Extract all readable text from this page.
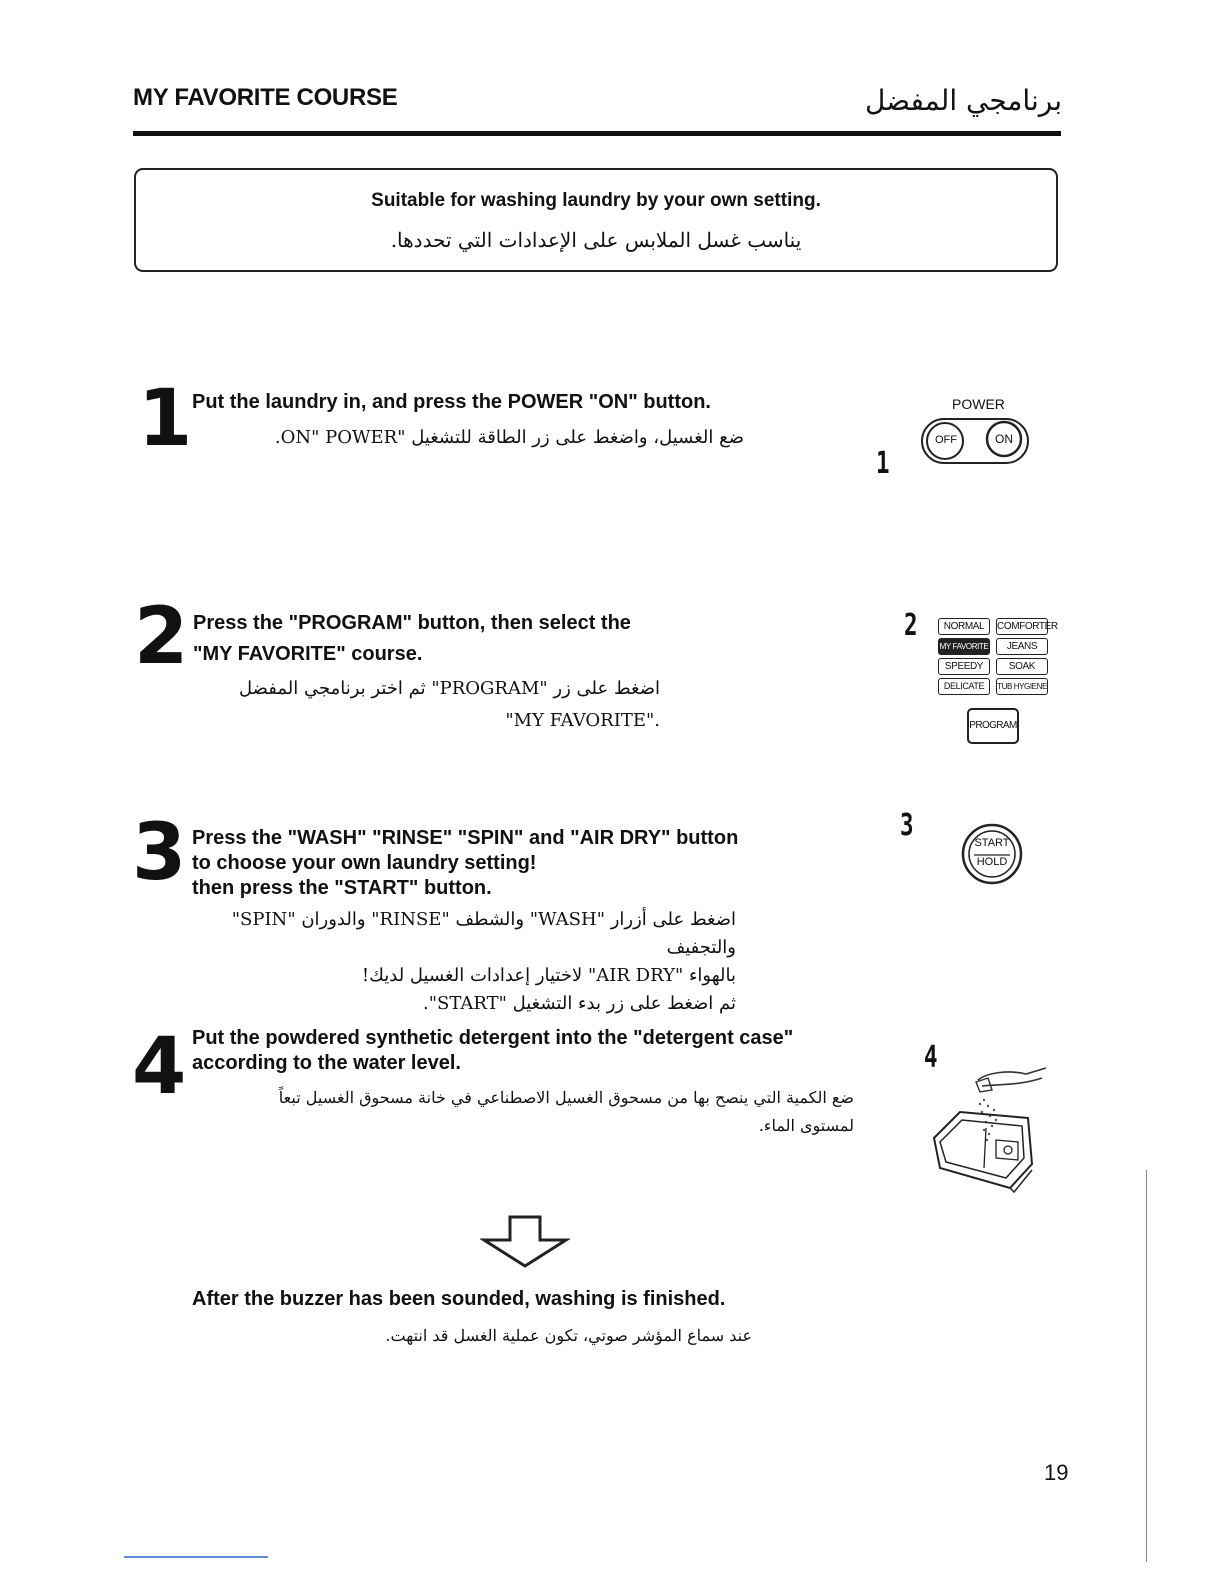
MY FAVORITE COURSE	برنامجي المفضل
Suitable for washing laundry by your own setting.
يناسب غسل الملابس على الإعدادات التي تحددها.
1 Put the laundry in, and press the POWER "ON" button.
ضع الغسيل، واضغط على زر الطاقة للتشغيل "ON" POWER.
2 Press the "PROGRAM" button, then select the
"MY FAVORITE" course.
اضغط على زر "PROGRAM" ثم اختر برنامجي المفضل
."MY FAVORITE"
3 Press the "WASH" "RINSE" "SPIN" and "AIR DRY" button
to choose your own laundry setting!
then press the "START" button.
اضغط على أزرار "WASH" والشطف "RINSE" والدوران "SPIN" والتجفيف
بالهواء "AIR DRY" لاختيار إعدادات الغسيل لديك!
ثم اضغط على زر بدء التشغيل "START".
4 Put the powdered synthetic detergent into the "detergent case"
according to the water level.
ضع الكمية التي ينصح بها من مسحوق الغسيل الاصطناعي في خانة مسحوق الغسيل تبعاً
لمستوى الماء.
1
POWER
OFF	ON
2	NORMAL	COMFORTER
MY FAVORITE	JEANS
SPEEDY	SOAK
DELICATE	TUB HYGIENE
PROGRAM
3	START
HOLD
4
After the buzzer has been sounded, washing is finished.
عند سماع المؤشر صوتي، تكون عملية الغسل قد انتهت.
19
